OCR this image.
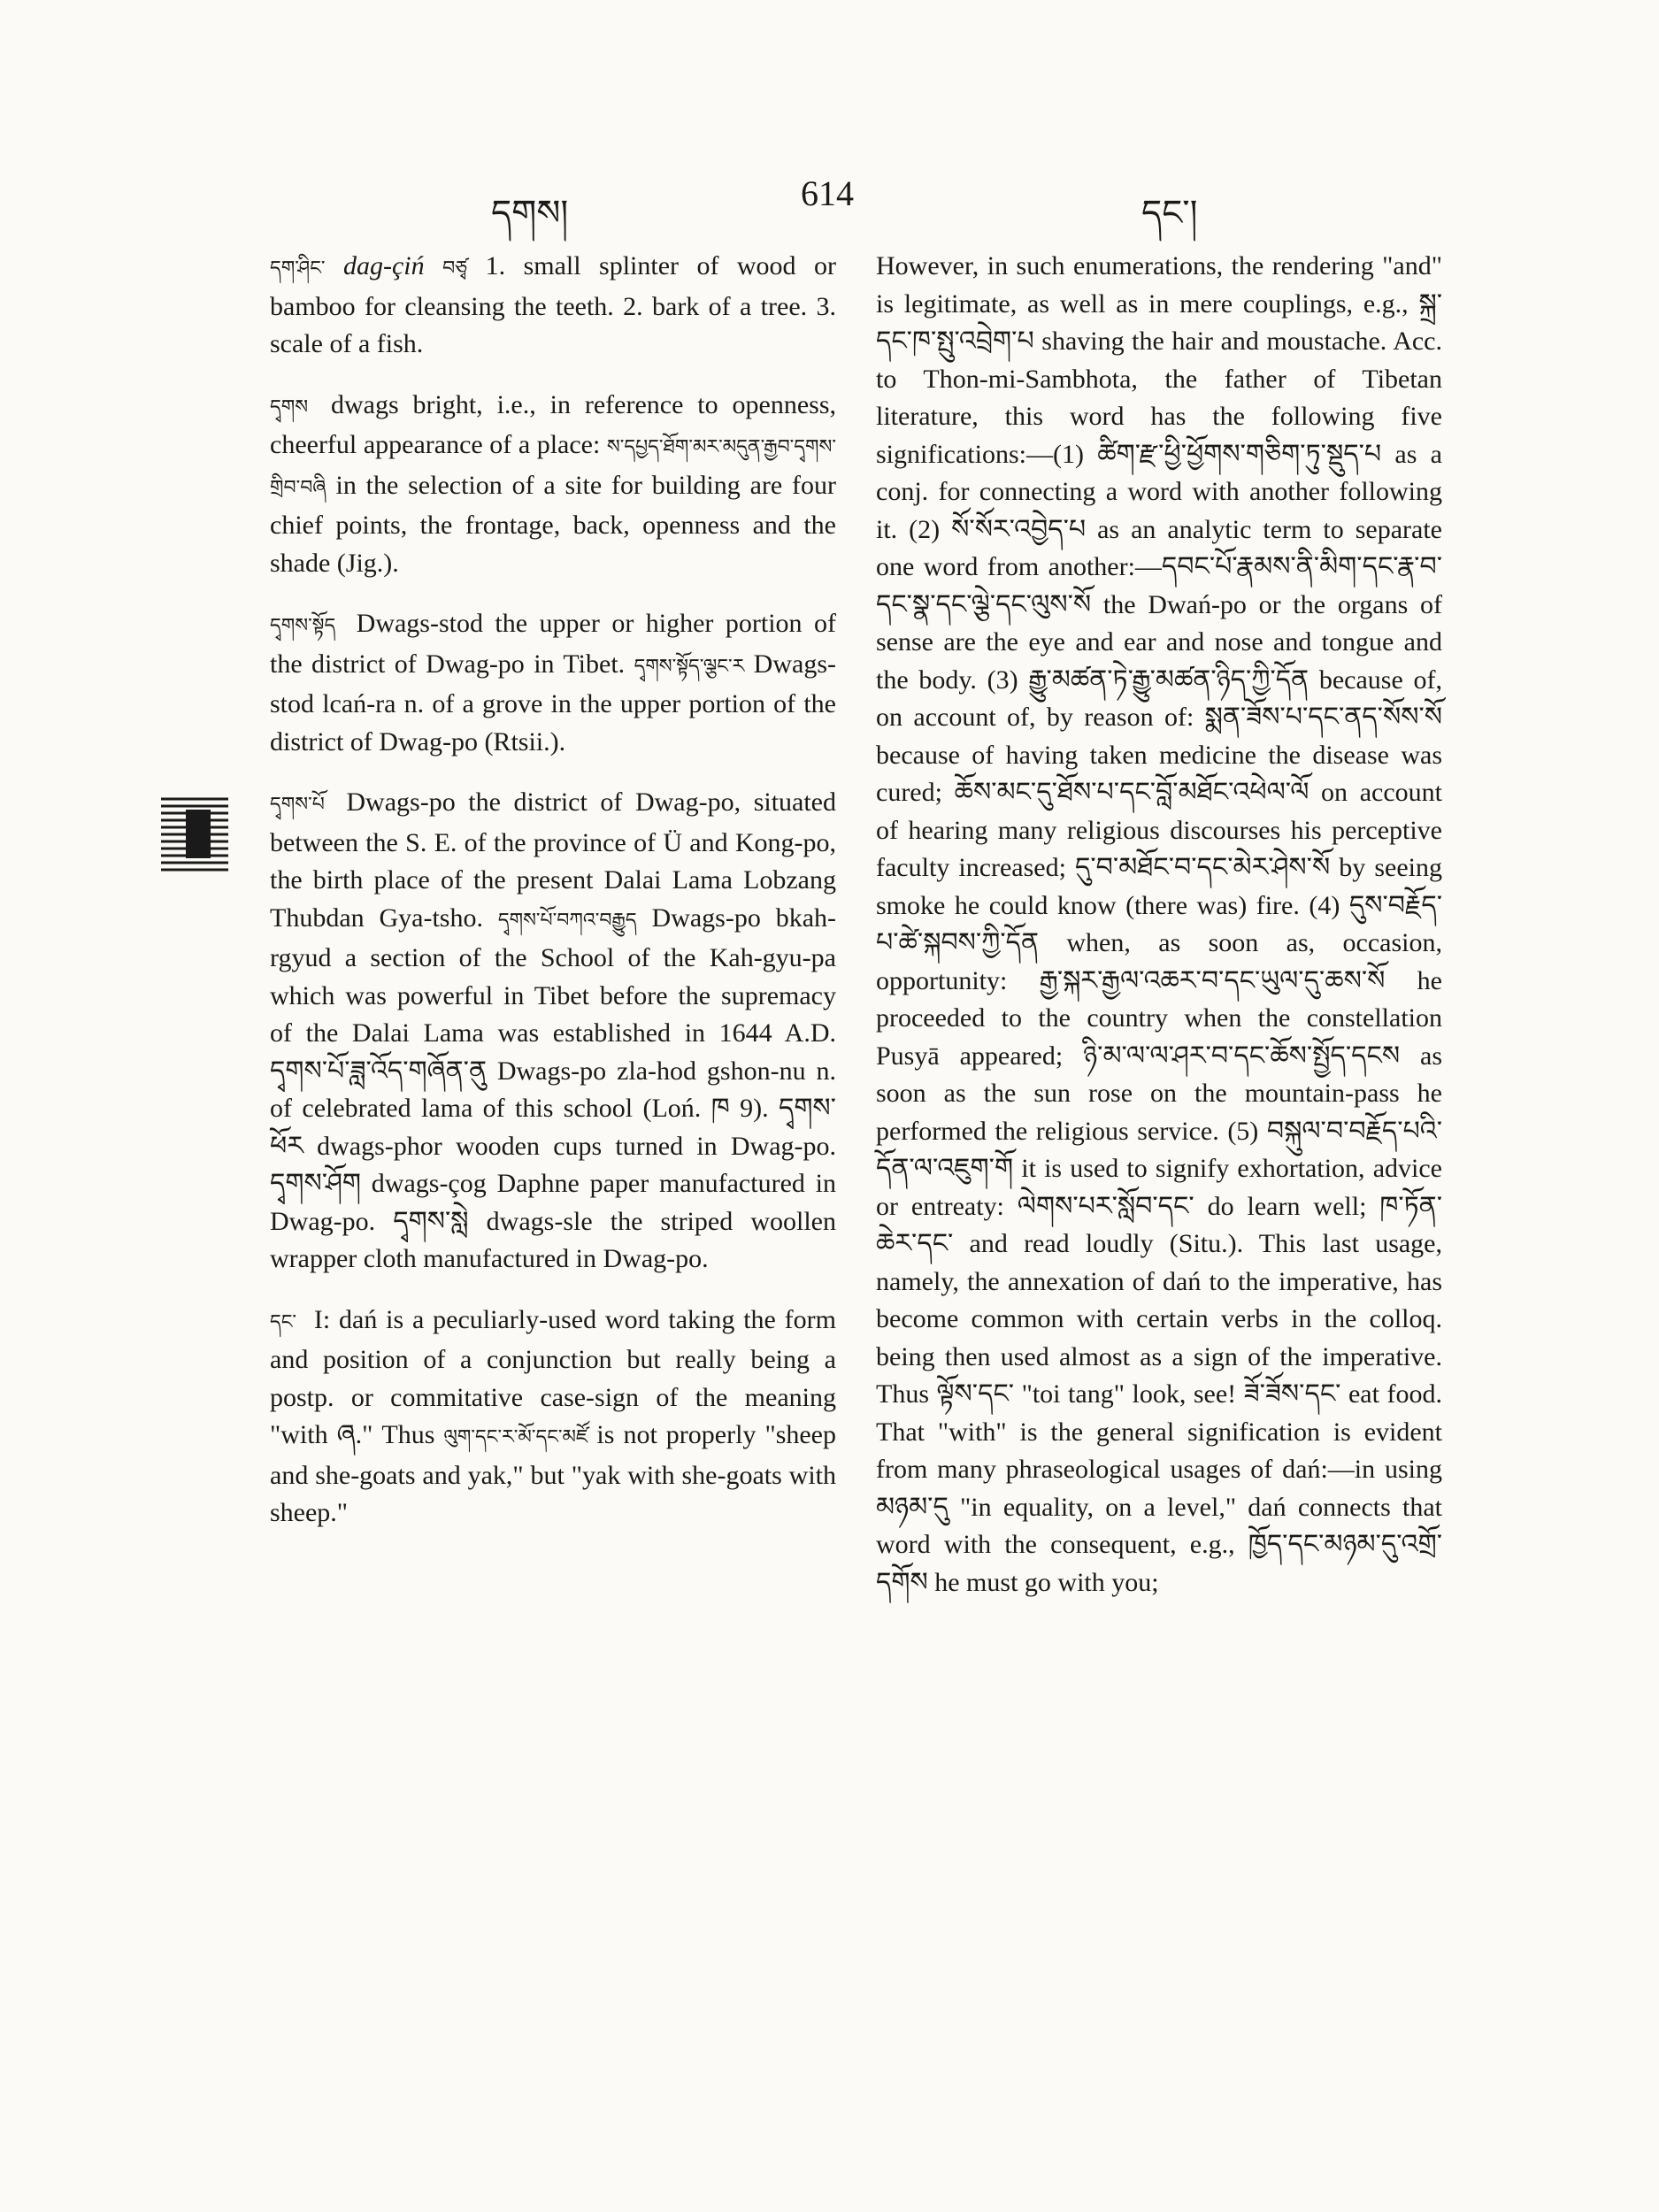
དགས།	614	དང་།

དག་ཤིང་ dag-çiń བཙྭ 1. small splinter of wood or bamboo for cleansing the teeth. 2. bark of a tree. 3. scale of a fish.

དྭགས dwags bright, i.e., in reference to openness, cheerful appearance of a place: ས་དཔྱད་ཐོག་མར་མདུན་རྒྱབ་དྭགས་གྲིབ་བཞི in the selection of a site for building are four chief points, the frontage, back, openness and the shade (Jig.).

དྭགས་སྟོད Dwags-stod the upper or higher portion of the district of Dwag-po in Tibet. དྭགས་སྟོད་ལྕང་ར Dwags-stod lcań-ra n. of a grove in the upper portion of the district of Dwag-po (Rtsii.).

དྭགས་པོ Dwags-po the district of Dwag-po, situated between the S. E. of the province of Ü and Kong-po, the birth place of the present Dalai Lama Lobzang Thubdan Gya-tsho. དྭགས་པོ་བཀའ་བརྒྱུད Dwags-po bkah-rgyud a section of the School of the Kah-gyu-pa which was powerful in Tibet before the supremacy of the Dalai Lama was established in 1644 A.D. དྭགས་པོ་ཟླ་འོད་གཞོན་ནུ Dwags-po zla-hod gshon-nu n. of celebrated lama of this school (Loń. ཁ 9). དྭགས་ཕོར dwags-phor wooden cups turned in Dwag-po. དྭགས་ཤོག dwags-çog Daphne paper manufactured in Dwag-po. དྭགས་སླེ dwags-sle the striped woollen wrapper cloth manufactured in Dwag-po.

དང་ I: dań is a peculiarly-used word taking the form and position of a conjunction but really being a postp. or commitative case-sign of the meaning "with ཞ." Thus ལུག་དང་ར་མོ་དང་མཛོ is not properly "sheep and she-goats and yak," but "yak with she-goats with sheep."

However, in such enumerations, the rendering "and" is legitimate, as well as in mere couplings, e.g., སྐྲ་དང་ཁ་སྤུ་འབྲེག་པ shaving the hair and moustache. Acc. to Thon-mi-Sambhota, the father of Tibetan literature, this word has the following five significations:—(1) ཚིག་རྫ་ཕྱི་ཕྱོགས་གཅིག་ཏུ་སྡུད་པ as a conj. for connecting a word with another following it. (2) སོ་སོར་འབྱེད་པ as an analytic term to separate one word from another:—དབང་པོ་རྣམས་ནི་མིག་དང་རྣ་བ་དང་སྣ་དང་ལྕེ་དང་ལུས་སོ the Dwań-po or the organs of sense are the eye and ear and nose and tongue and the body. (3) རྒྱུ་མཚན་ཏེ་རྒྱུ་མཚན་ཉིད་ཀྱི་དོན because of, on account of, by reason of: སྨན་ཟོས་པ་དང་ནད་སོས་སོ because of having taken medicine the disease was cured; ཆོས་མང་དུ་ཐོས་པ་དང་བློ་མཐོང་འཕེལ་ལོ on account of hearing many religious discourses his perceptive faculty increased; དུ་བ་མཐོང་བ་དང་མེར་ཤེས་སོ by seeing smoke he could know (there was) fire. (4) དུས་བརྗོད་པ་ཚེ་སྐབས་ཀྱི་དོན when, as soon as, occasion, opportunity: རྒྱ་སྐར་རྒྱལ་འཆར་བ་དང་ཡུལ་དུ་ཆས་སོ he proceeded to the country when the constellation Pusyā appeared; ཉི་མ་ལ་ལ་ཤར་བ་དང་ཆོས་སྤྱོད་དངས as soon as the sun rose on the mountain-pass he performed the religious service. (5) བསྐུལ་བ་བརྗོད་པའི་དོན་ལ་འཇུག་གོ it is used to signify exhortation, advice or entreaty: ལེགས་པར་སློབ་དང་ do learn well; ཁ་ཏོན་ཆེར་དང་ and read loudly (Situ.). This last usage, namely, the annexation of dań to the imperative, has become common with certain verbs in the colloq. being then used almost as a sign of the imperative. Thus ལྟོས་དང་ "toi tang" look, see! ཟོ་ཟོས་དང་ eat food. That "with" is the general signification is evident from many phraseological usages of dań:—in using མཉམ་དུ "in equality, on a level," dań connects that word with the consequent, e.g., ཁྱོད་དང་མཉམ་དུ་འགྲོ་དགོས he must go with you;
